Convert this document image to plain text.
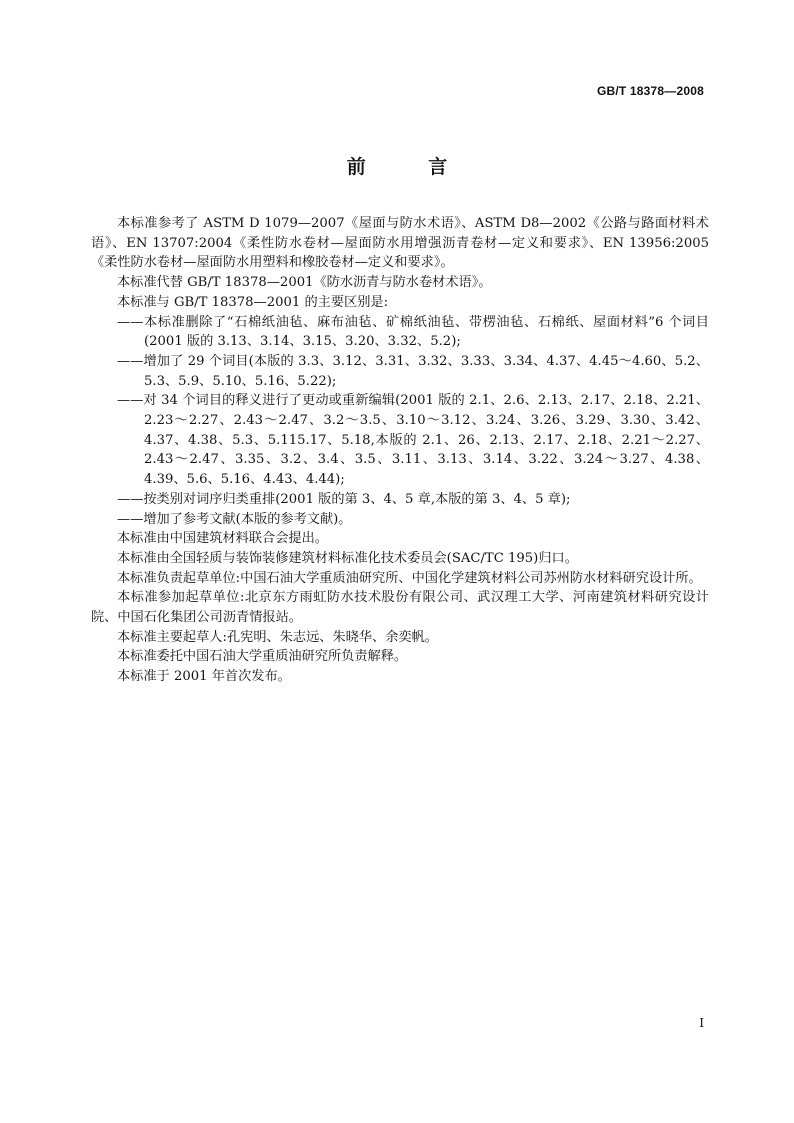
GB/T 18378—2008
前 言

本标准参考了 ASTM D 1079—2007《屋面与防水术语》、ASTM D8—2002《公路与路面材料术语》、EN 13707:2004《柔性防水卷材—屋面防水用增强沥青卷材—定义和要求》、EN 13956:2005《柔性防水卷材—屋面防水用塑料和橡胶卷材—定义和要求》。

本标准代替 GB/T 18378—2001《防水沥青与防水卷材术语》。

本标准与 GB/T 18378—2001 的主要区别是:

——本标准删除了“石棉纸油毡、麻布油毡、矿棉纸油毡、带楞油毡、石棉纸、屋面材料”6 个词目(2001 版的 3.13、3.14、3.15、3.20、3.32、5.2);

——增加了 29 个词目(本版的 3.3、3.12、3.31、3.32、3.33、3.34、4.37、4.45～4.60、5.2、5.3、5.9、5.10、5.16、5.22);

——对 34 个词目的释义进行了更动或重新编辑(2001 版的 2.1、2.6、2.13、2.17、2.18、2.21、2.23～2.27、2.43～2.47、3.2～3.5、3.10～3.12、3.24、3.26、3.29、3.30、3.42、4.37、4.38、5.3、5.115.17、5.18,本版的 2.1、26、2.13、2.17、2.18、2.21～2.27、2.43～2.47、3.35、3.2、3.4、3.5、3.11、3.13、3.14、3.22、3.24～3.27、4.38、4.39、5.6、5.16、4.43、4.44);

——按类别对词序归类重排(2001 版的第 3、4、5 章,本版的第 3、4、5 章);

——增加了参考文献(本版的参考文献)。

本标准由中国建筑材料联合会提出。

本标准由全国轻质与装饰装修建筑材料标准化技术委员会(SAC/TC 195)归口。

本标准负责起草单位:中国石油大学重质油研究所、中国化学建筑材料公司苏州防水材料研究设计所。

本标准参加起草单位:北京东方雨虹防水技术股份有限公司、武汉理工大学、河南建筑材料研究设计院、中国石化集团公司沥青情报站。

本标准主要起草人:孔宪明、朱志远、朱晓华、余奕帆。

本标准委托中国石油大学重质油研究所负责解释。

本标准于 2001 年首次发布。

I
